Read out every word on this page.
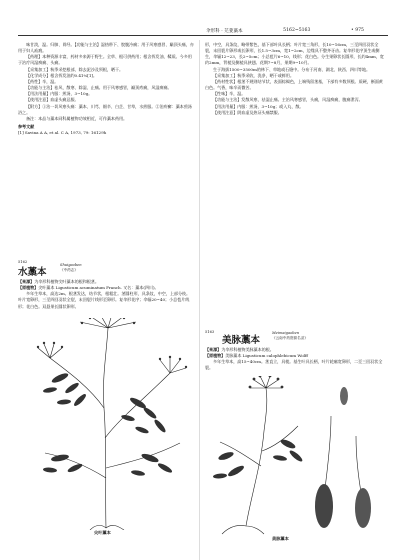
伞形科 · 芫荽藁本	5162~5163	• 975

味甘淡，温。归肺、胃经。【功能与主治】湿热带下、脘腹冷痛；用于风寒感冒、巅顶头痛，亦用于妇人疝瘕。

【药理】本种资源丰富，药材多来源于野生。全草、根可供药用；根含挥发油、鞣质。今多用于治疗风湿痹痛、头痛。

【采集加工】秋季采挖根部，除去泥沙及须根，晒干。

【化学成分】根含挥发油约0.41%[1]。

【药性】辛，温。

【功能与主治】祛风、散寒、除湿、止痛。用于风寒感冒，巅顶疼痛，风湿痹痛。

【用法用量】内服：煎汤，3~10g。

【使用注意】血虚头痛忌服。

【附方】①治一切风寒头痛：藁本、川芎、细辛、白芷、甘草，水煎服。②治疥癣：藁本煎汤浴之。

备注：本品与藁本同科属植物功效相近，可作藁本药用。

参考文献

[1] Savina A A, et al. C A, 1973, 79: 16129h

5162
水藁本
Shuigaoben
《中药志》

【来源】为伞形科植物尖叶藁本的根和根茎。

【原植物】尖叶藁本 Ligusticum acuminatum Franch. 又名：藁本(四川)。

多年生草本，高达2m。根茎发达，结节状，根粗壮。茎圆柱形，具条纹，中空，上部分枝。叶片宽卵形，三至四回羽状全裂，末回裂片线形至卵形。复伞形花序；伞辐20~40；小总苞片线形；花白色。双悬果长圆状卵形。

尖叶藁本

形，中空，具条纹，略带紫色，基下部叶具长柄；叶片宽三角形，长10~16cm，三至四回羽状全裂，末回裂片卵形或长卵形，长1.5~3cm，宽1~2cm，边缘具不整齐牙齿。复伞形花序顶生或侧生，伞辐12~23，长2~5cm；小总苞片6~10，线形；花白色。分生果卵状长圆形，长约4mm，宽约2mm，背棱及侧棱具狭翅。花期7~8月，果期9~10月。

生于海拔1500~3500m的林下、草地或石缝中。分布于河南、湖北、陕西、四川等地。

【采集加工】秋季采收，洗净，晒干或鲜用。

【药材性状】根茎不规则结节状，表面棕褐色，上端残留茎基，下部有多数须根。质硬，断面黄白色。气香，味辛而微苦。

【性味】辛，温。

【功能与主治】发散风寒，祛湿止痛。主治风寒感冒，头痛，风湿痹痛，腹痛泄泻。

【用法用量】内服：煎汤，3~10g；或入丸、散。

【使用注意】阴血虚及热证头痛禁服。

5163
美脉藁本
Meimaigaoben
《云南中药资源名录》

【来源】为伞形科植物美脉藁本的根。

【原植物】美脉藁本 Ligusticum calophlebicum Wolff

多年生草本，高15~40cm。茎直立，具棱。基生叶具长柄，叶片轮廓宽卵形，二至三回羽状全裂。

美脉藁本
